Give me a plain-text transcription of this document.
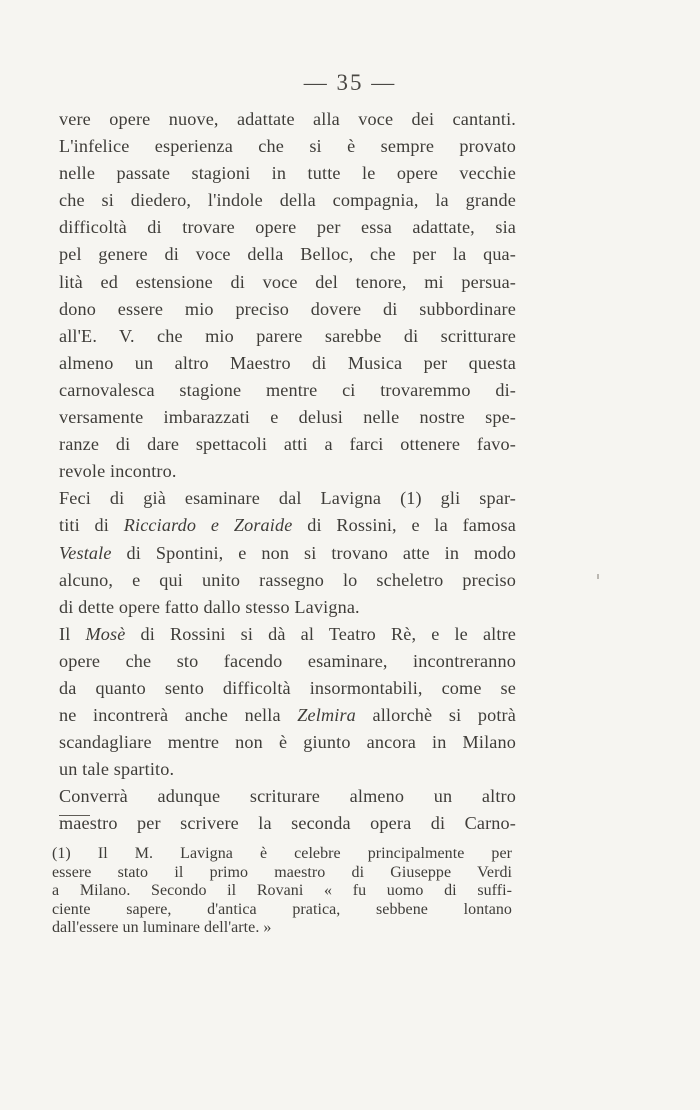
— 35 —
vere opere nuove, adattate alla voce dei cantanti.
L'infelice esperienza che si è sempre provato
nelle passate stagioni in tutte le opere vecchie
che si diedero, l'indole della compagnia, la grande
difficoltà di trovare opere per essa adattate, sia
pel genere di voce della Belloc, che per la qua-
lità ed estensione di voce del tenore, mi persua-
dono essere mio preciso dovere di subbordinare
all'E. V. che mio parere sarebbe di scritturare
almeno un altro Maestro di Musica per questa
carnovalesca stagione mentre ci trovaremmo di-
versamente imbarazzati e delusi nelle nostre spe-
ranze di dare spettacoli atti a farci ottenere favo-
revole incontro.
Feci di già esaminare dal Lavigna (1) gli spar-
titi di Ricciardo e Zoraide di Rossini, e la famosa
Vestale di Spontini, e non si trovano atte in modo
alcuno, e qui unito rassegno lo scheletro preciso
di dette opere fatto dallo stesso Lavigna.
Il Mosè di Rossini si dà al Teatro Rè, e le altre
opere che sto facendo esaminare, incontreranno
da quanto sento difficoltà insormontabili, come se
ne incontrerà anche nella Zelmira allorchè si potrà
scandagliare mentre non è giunto ancora in Milano
un tale spartito.
Converrà adunque scriturare almeno un altro
maestro per scrivere la seconda opera di Carno-
(1) Il M. Lavigna è celebre principalmente per
essere stato il primo maestro di Giuseppe Verdi
a Milano. Secondo il Rovani « fu uomo di suffi-
ciente sapere, d'antica pratica, sebbene lontano
dall'essere un luminare dell'arte. »
